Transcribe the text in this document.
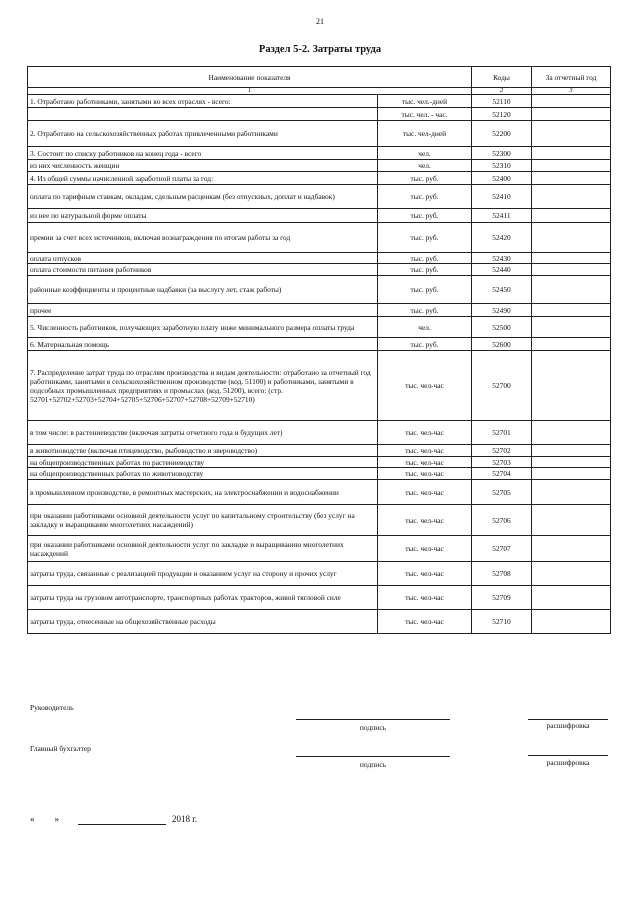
21
Раздел 5-2. Затраты труда
Наименование показателя		Коды	За отчетный год
1		2	3
1. Отработано работниками, занятыми во всех отраслях - всего:	тыс. чел.-дней	52110	
	тыс. чел. - час.	52120	
2. Отработано на сельскохозяйственных работах привлеченными работниками	тыс. чел-дней	52200	
3. Состоит по списку работников на конец года - всего	чел.	52300	
из них численность женщин	чел.	52310	
4. Из общей суммы начисленной заработной платы за год:	тыс. руб.	52400	
оплата по тарифным ставкам, окладам, сдельным расценкам (без отпускных, доплат и надбавок)	тыс. руб.	52410	
из нее по натуральной форме оплаты	тыс. руб.	52411	
премии за счет всех источников, включая вознаграждения по итогам работы за год	тыс. руб.	52420	
оплата отпусков	тыс. руб.	52430	
оплата стоимости питания работников	тыс. руб.	52440	
районные коэффициенты и процентные надбавки (за выслугу лет, стаж работы)	тыс. руб.	52450	
прочее	тыс. руб.	52490	
5. Численность работников, получающих заработную плату ниже минимального размера оплаты труда	чел.	52500	
6. Материальная помощь	тыс. руб.	52600	
7. Распределение затрат труда по отраслям производства и видам деятельности: отработано за отчетный год работниками, занятыми в сельскохозяйственном производстве (код. 51100) и работниками, занятыми в подсобных промышленных предприятиях и промыслах (код. 51200), всего: (стр. 52701+52702+52703+52704+52705+52706+52707+52708+52709+52710)	тыс. чел-час	52700	
в том числе: в растениеводстве (включая затраты отчетного года и будущих лет)	тыс. чел-час	52701	
в животноводстве (включая птицеводство, рыбоводство и звероводство)	тыс. чел-час	52702	
на общепроизводственных работах по растениеводству	тыс. чел-час	52703	
на общепроизводственных работах по животноводству	тыс. чел-час	52704	
в промышленном производстве, в ремонтных мастерских, на электроснабжении и водоснабжении	тыс. чел-час	52705	
при оказании работниками основной деятельности услуг по капитальному строительству (без услуг на закладку и выращивание многолетних насаждений)	тыс. чел-час	52706	
при оказании работниками основной деятельности услуг по закладке и выращиванию многолетних насаждений	тыс. чел-час	52707	
затраты труда, связанные с реализацией продукции и оказанием услуг на сторону и прочих услуг	тыс. чел-час	52708	
затраты труда на грузовом автотранспорте, транспортных работах тракторов, живой тягловой силе	тыс. чел-час	52709	
затраты труда, отнесенные на общехозяйственные расходы	тыс. чел-час	52710	
Руководитель
подпись	расшифровка
Главный бухгалтер
подпись	расшифровка
« »	2018 г.
